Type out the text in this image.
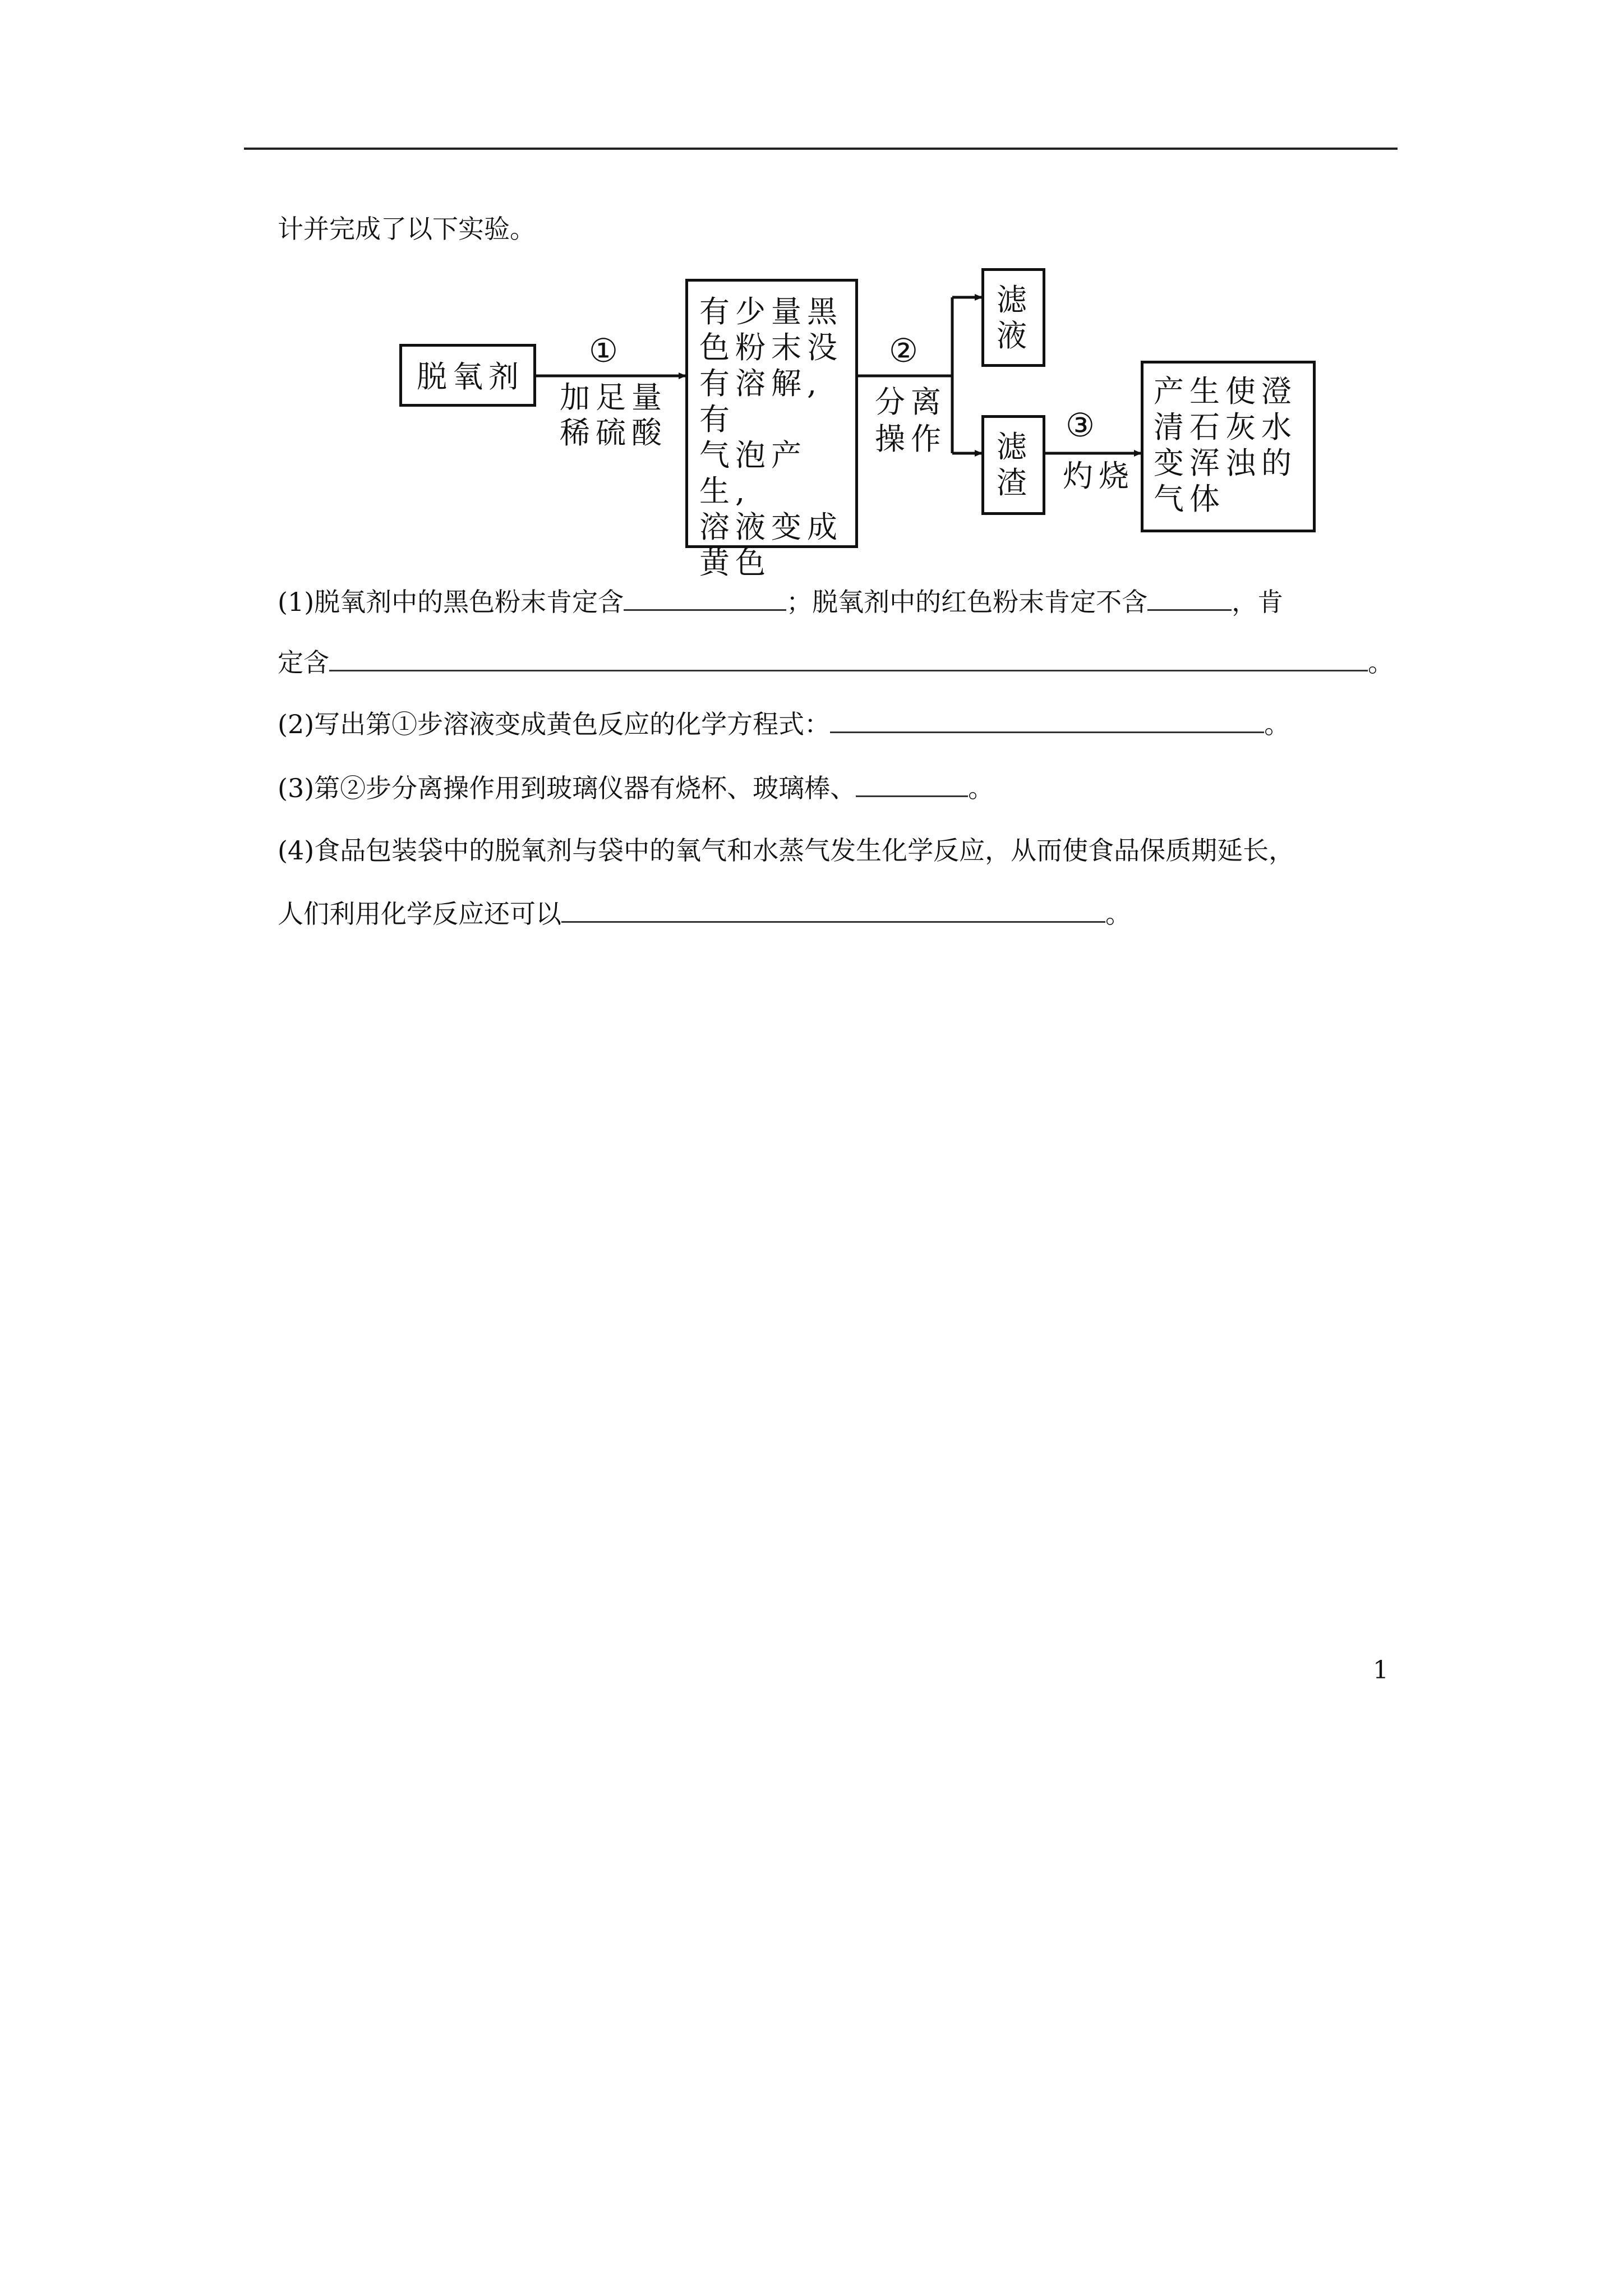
计并完成了以下实验。
脱氧剂
①
加足量
稀硫酸
有少量黑
色粉末没
有溶解,有
气泡产生,
溶液变成
黄色
②
分离
操作
滤
液
滤
渣
③
灼烧
产生使澄
清石灰水
变浑浊的
气体
(1)脱氧剂中的黑色粉末肯定含	；脱氧剂中的红色粉末肯定不含	，肯
定含	。
(2)写出第①步溶液变成黄色反应的化学方程式：	。
(3)第②步分离操作用到玻璃仪器有烧杯、玻璃棒、	。
(4)食品包装袋中的脱氧剂与袋中的氧气和水蒸气发生化学反应，从而使食品保质期延长，
人们利用化学反应还可以	。
1
